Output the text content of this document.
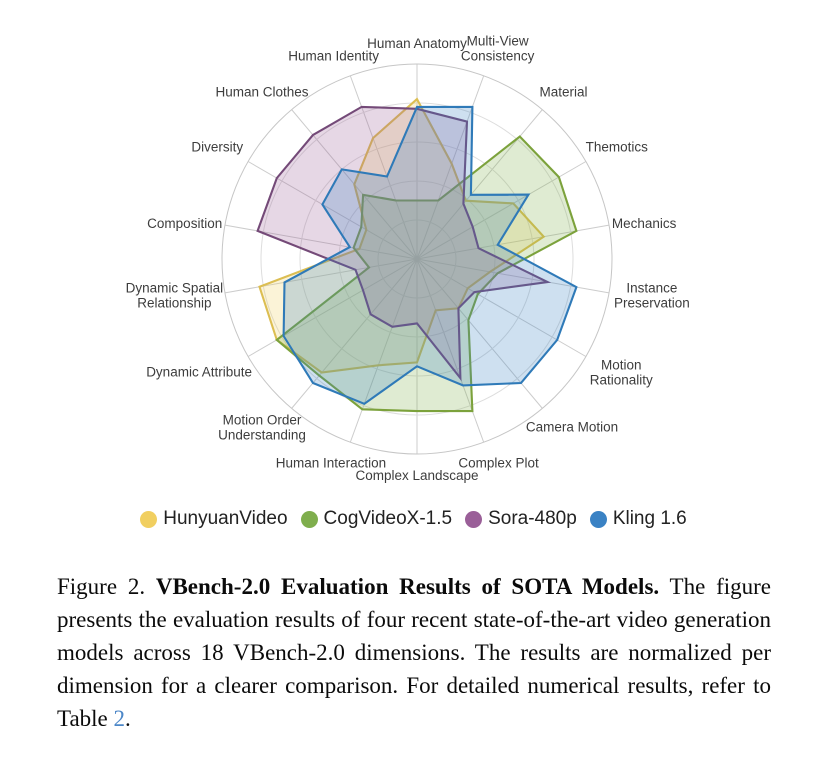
Human Anatomy Multi-View Consistency
Material
Themotics
Mechanics
Instance Preservation
Motion Rationality
Camera Motion
Complex Plot
Complex Landscape
Human Interaction
Motion Order Understanding
Dynamic Attribute
Dynamic Spatial Relationship
Composition
Diversity
Human Clothes
Human Identity
HunyuanVideo CogVideoX-1.5 Sora-480p Kling 1.6
Figure 2. VBench-2.0 Evaluation Results of SOTA Models. The figure presents the evaluation results of four recent state-of-the-art video generation models across 18 VBench-2.0 dimensions. The results are normalized per dimension for a clearer comparison. For detailed numerical results, refer to Table 2.
